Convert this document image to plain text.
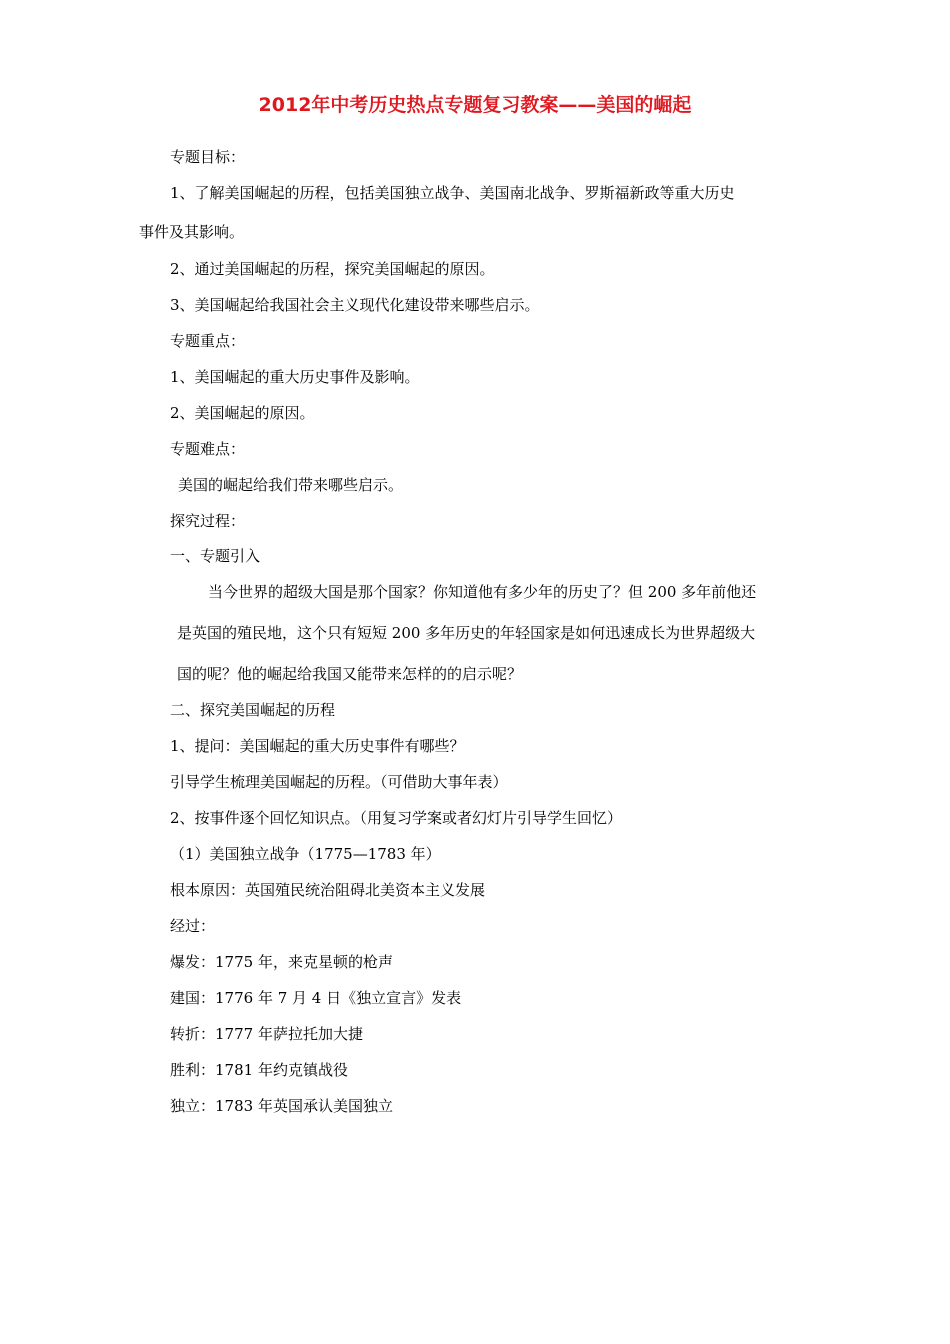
2012年中考历史热点专题复习教案——美国的崛起
专题目标：
1、了解美国崛起的历程，包括美国独立战争、美国南北战争、罗斯福新政等重大历史
事件及其影响。
2、通过美国崛起的历程，探究美国崛起的原因。
3、美国崛起给我国社会主义现代化建设带来哪些启示。
专题重点：
1、美国崛起的重大历史事件及影响。
2、美国崛起的原因。
专题难点：
美国的崛起给我们带来哪些启示。
探究过程：
一、专题引入
当今世界的超级大国是那个国家？你知道他有多少年的历史了？但 200 多年前他还
是英国的殖民地，这个只有短短 200 多年历史的年轻国家是如何迅速成长为世界超级大
国的呢？他的崛起给我国又能带来怎样的的启示呢？
二、探究美国崛起的历程
1、提问：美国崛起的重大历史事件有哪些？
引导学生梳理美国崛起的历程。（可借助大事年表）
2、按事件逐个回忆知识点。（用复习学案或者幻灯片引导学生回忆）
（1）美国独立战争（1775—1783 年）
根本原因：英国殖民统治阻碍北美资本主义发展
经过：
爆发：1775 年，来克星顿的枪声
建国：1776 年 7 月 4 日《独立宣言》发表
转折：1777 年萨拉托加大捷
胜利：1781 年约克镇战役
独立：1783 年英国承认美国独立
